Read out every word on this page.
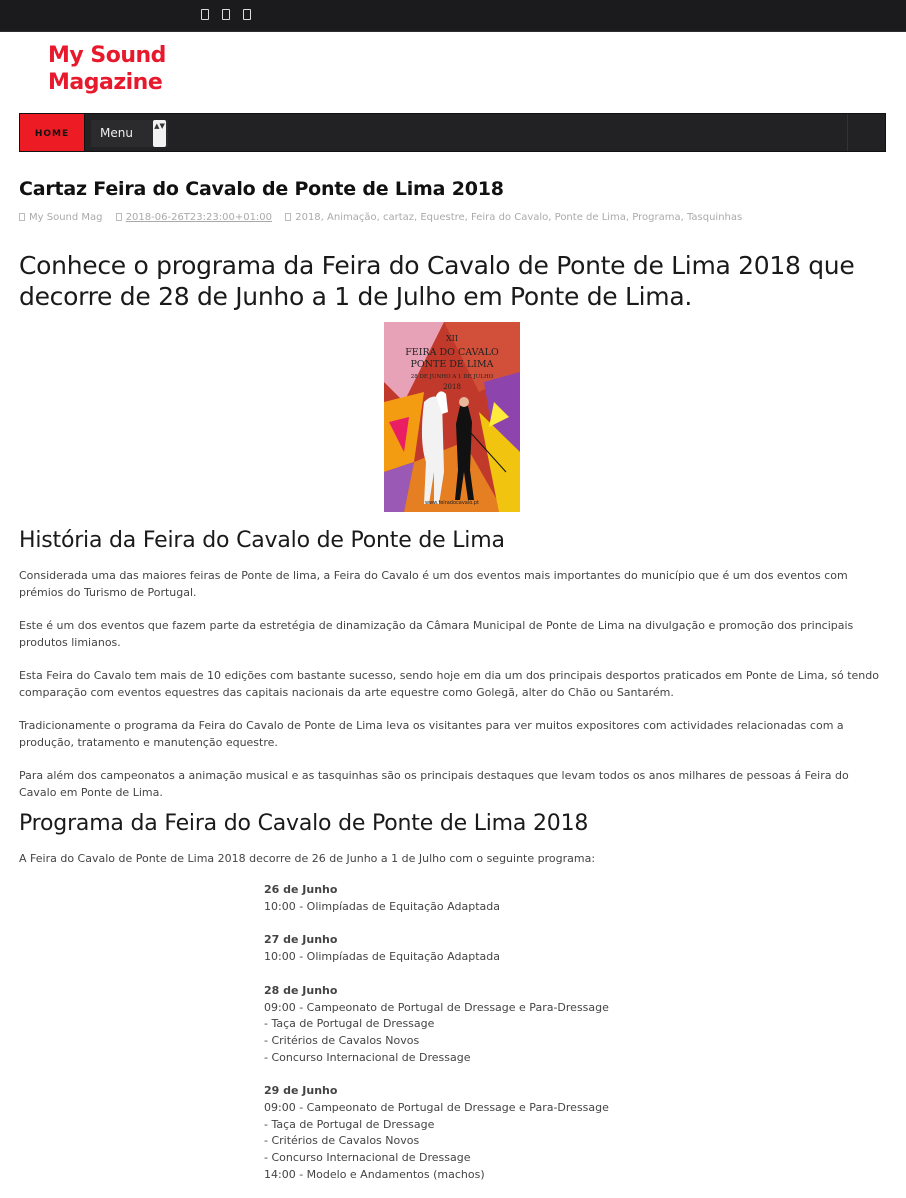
My Sound
Magazine
HOME	Menu	▲▼
Cartaz Feira do Cavalo de Ponte de Lima 2018
My Sound Mag 2018-06-26T23:23:00+01:00 2018, Animação, cartaz, Equestre, Feira do Cavalo, Ponte de Lima, Programa, Tasquinhas
Conhece o programa da Feira do Cavalo de Ponte de Lima 2018 que decorre de 28 de Junho a 1 de Julho em Ponte de Lima.
XII
FEIRA DO CAVALO
PONTE DE LIMA
28 DE JUNHO A 1 DE JULHO
2018
www.feiradocavalo.pt
História da Feira do Cavalo de Ponte de Lima

Considerada uma das maiores feiras de Ponte de lima, a Feira do Cavalo é um dos eventos mais importantes do município que é um dos eventos com prémios do Turismo de Portugal.

Este é um dos eventos que fazem parte da estretégia de dinamização da Câmara Municipal de Ponte de Lima na divulgação e promoção dos principais produtos limianos.

Esta Feira do Cavalo tem mais de 10 edições com bastante sucesso, sendo hoje em dia um dos principais desportos praticados em Ponte de Lima, só tendo comparação com eventos equestres das capitais nacionais da arte equestre como Golegã, alter do Chão ou Santarém.

Tradicionamente o programa da Feira do Cavalo de Ponte de Lima leva os visitantes para ver muitos expositores com actividades relacionadas com a produção, tratamento e manutenção equestre.

Para além dos campeonatos a animação musical e as tasquinhas são os principais destaques que levam todos os anos milhares de pessoas á Feira do Cavalo em Ponte de Lima.

Programa da Feira do Cavalo de Ponte de Lima 2018

A Feira do Cavalo de Ponte de Lima 2018 decorre de 26 de Junho a 1 de Julho com o seguinte programa:

26 de Junho
10:00 - Olimpíadas de Equitação Adaptada
27 de Junho
10:00 - Olimpíadas de Equitação Adaptada
28 de Junho
09:00 - Campeonato de Portugal de Dressage e Para-Dressage
- Taça de Portugal de Dressage
- Critérios de Cavalos Novos
- Concurso Internacional de Dressage
29 de Junho
09:00 - Campeonato de Portugal de Dressage e Para-Dressage
- Taça de Portugal de Dressage
- Critérios de Cavalos Novos
- Concurso Internacional de Dressage
14:00 - Modelo e Andamentos (machos)
